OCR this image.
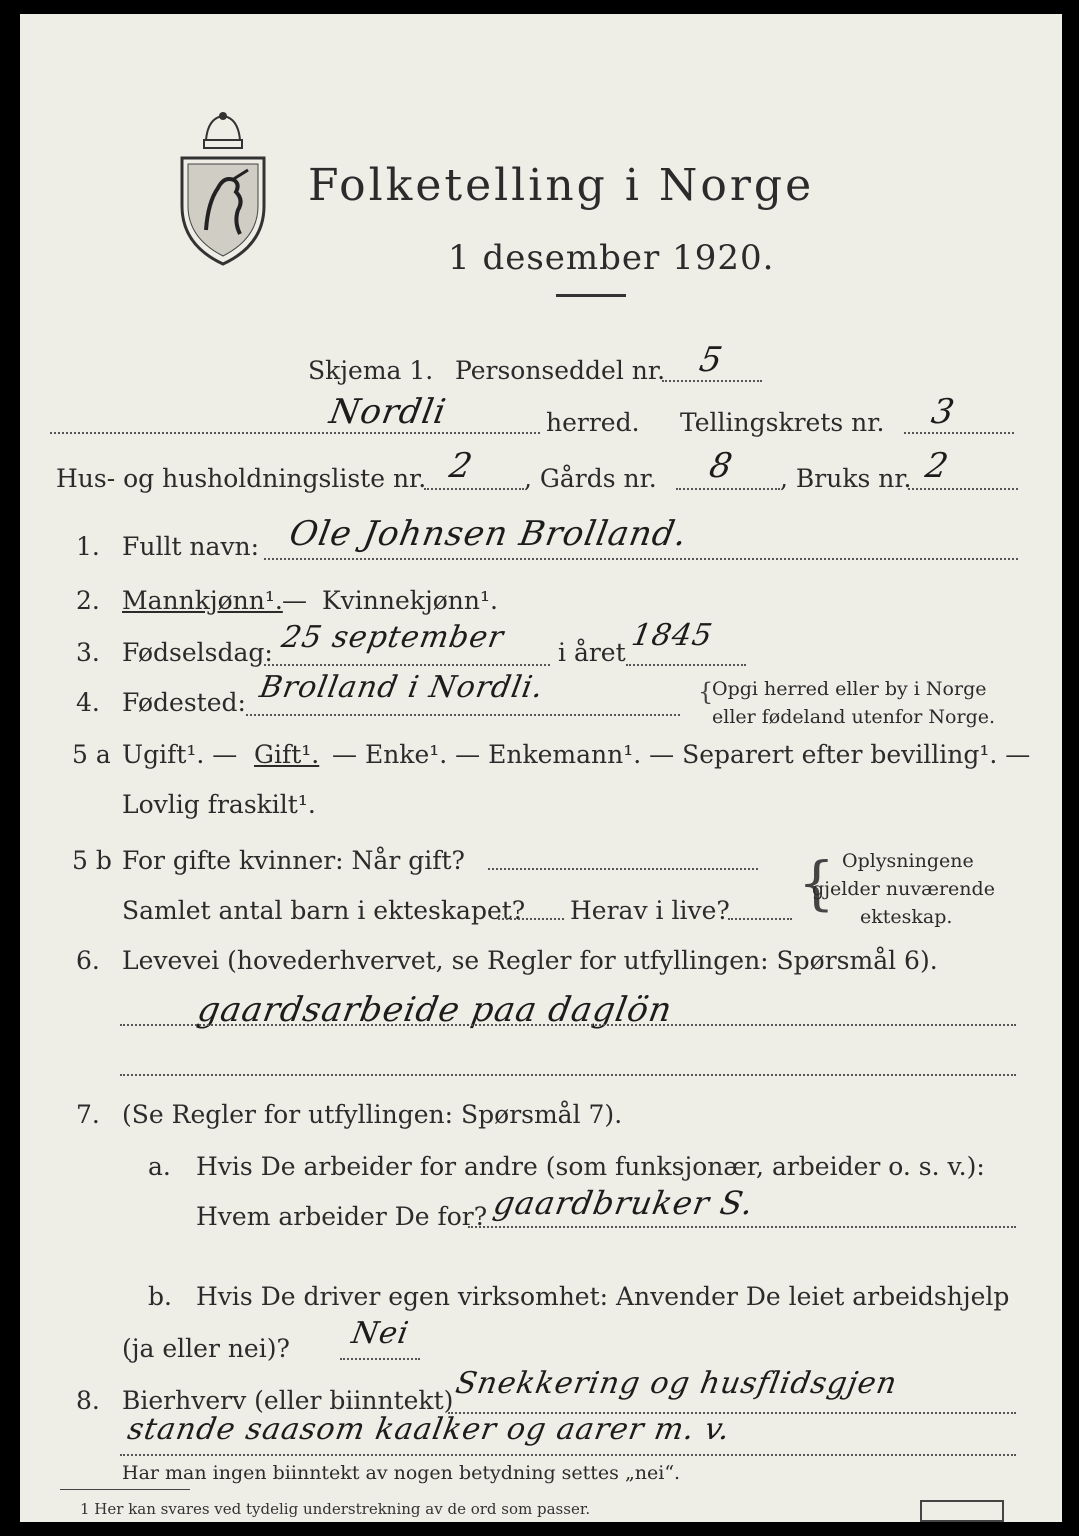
Folketelling i Norge
1 desember 1920.
Skjema 1. Personseddel nr. 5
Nordli	herred. Tellingskrets nr. 3
Hus- og husholdningsliste nr. 2 , Gårds nr. 8 , Bruks nr. 2
1. Fullt navn: Ole Johnsen Brolland.
2. Mannkjønn¹. — Kvinnekjønn¹.
3. Fødselsdag: 25 september i året 1845
4. Fødested: Brolland i Nordli.	{
Opgi herred eller by i Norge
eller fødeland utenfor Norge.
5 a Ugift¹. — Gift¹. — Enke¹. — Enkemann¹. — Separert efter bevilling¹. —
Lovlig fraskilt¹.
5 b For gifte kvinner: Når gift?
Samlet antal barn i ekteskapet? Herav i live? { Oplysningene
gjelder nuværende
ekteskap.
6. Levevei (hovederhvervet, se Regler for utfyllingen: Spørsmål 6).
gaardsarbeide paa daglön
7. (Se Regler for utfyllingen: Spørsmål 7).
a. Hvis De arbeider for andre (som funksjonær, arbeider o. s. v.):
Hvem arbeider De for? gaardbruker S.
b. Hvis De driver egen virksomhet: Anvender De leiet arbeidshjelp
(ja eller nei)? Nei
8. Bierhverv (eller biinntekt) Snekkering og husflidsgjen
stande saasom kaalker og aarer m. v.
Har man ingen biinntekt av nogen betydning settes „nei“.
1 Her kan svares ved tydelig understrekning av de ord som passer.
